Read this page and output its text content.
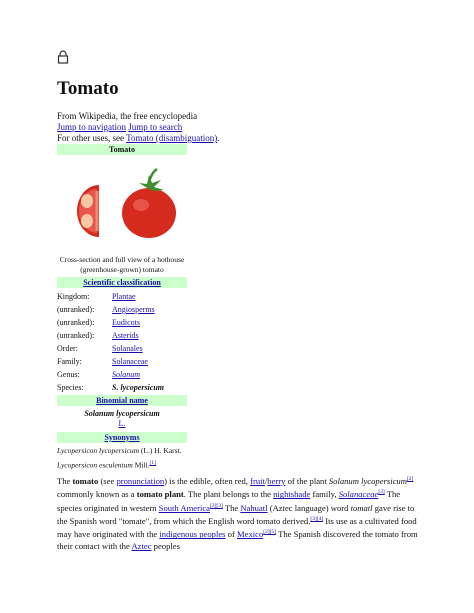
Tomato
From Wikipedia, the free encyclopedia
Jump to navigation Jump to search
For other uses, see Tomato (disambiguation).
Tomato
Cross-section and full view of a hothouse (greenhouse-grown) tomato
Scientific classification
Kingdom:	Plantae
(unranked): Angiosperms
(unranked): Eudicots
(unranked): Asterids
Order:	Solanales
Family:	Solanaceae
Genus:	Solanum
Species:	S. lycopersicum
Binomial name
Solanum lycopersicum
L.
Synonyms
Lycopersicon lycopersicum (L.) H. Karst.
Lycopersicon esculentum Mill.[1]
The tomato (see pronunciation) is the edible, often red, fruit/berry of the plant Solanum lycopersicum[2] commonly known as a tomato plant. The plant belongs to the nightshade family, Solanaceae[3] The species originated in western South America[2][3] The Nahuatl (Aztec language) word tomatl gave rise to the Spanish word "tomate", from which the English word tomato derived.[3][4] Its use as a cultivated food may have originated with the indigenous peoples of Mexico[2][5] The Spanish discovered the tomato from their contact with the Aztec peoples
